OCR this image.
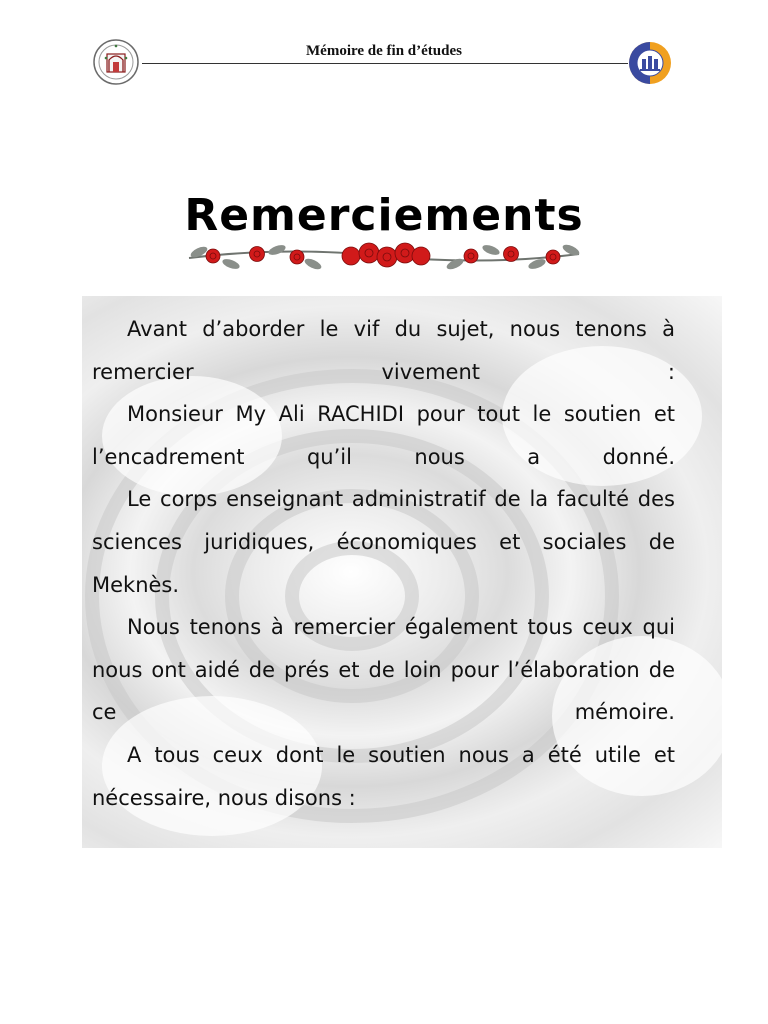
Mémoire de fin d’études
Remerciements

Avant d’aborder le vif du sujet, nous tenons à remercier vivement :

Monsieur My Ali RACHIDI pour tout le soutien et l’encadrement qu’il nous a donné.

Le corps enseignant administratif de la faculté des sciences juridiques, économiques et sociales de Meknès.

Nous tenons à remercier également tous ceux qui nous ont aidé de prés et de loin pour l’élaboration de ce mémoire.

A tous ceux dont le soutien nous a été utile et nécessaire, nous disons :
